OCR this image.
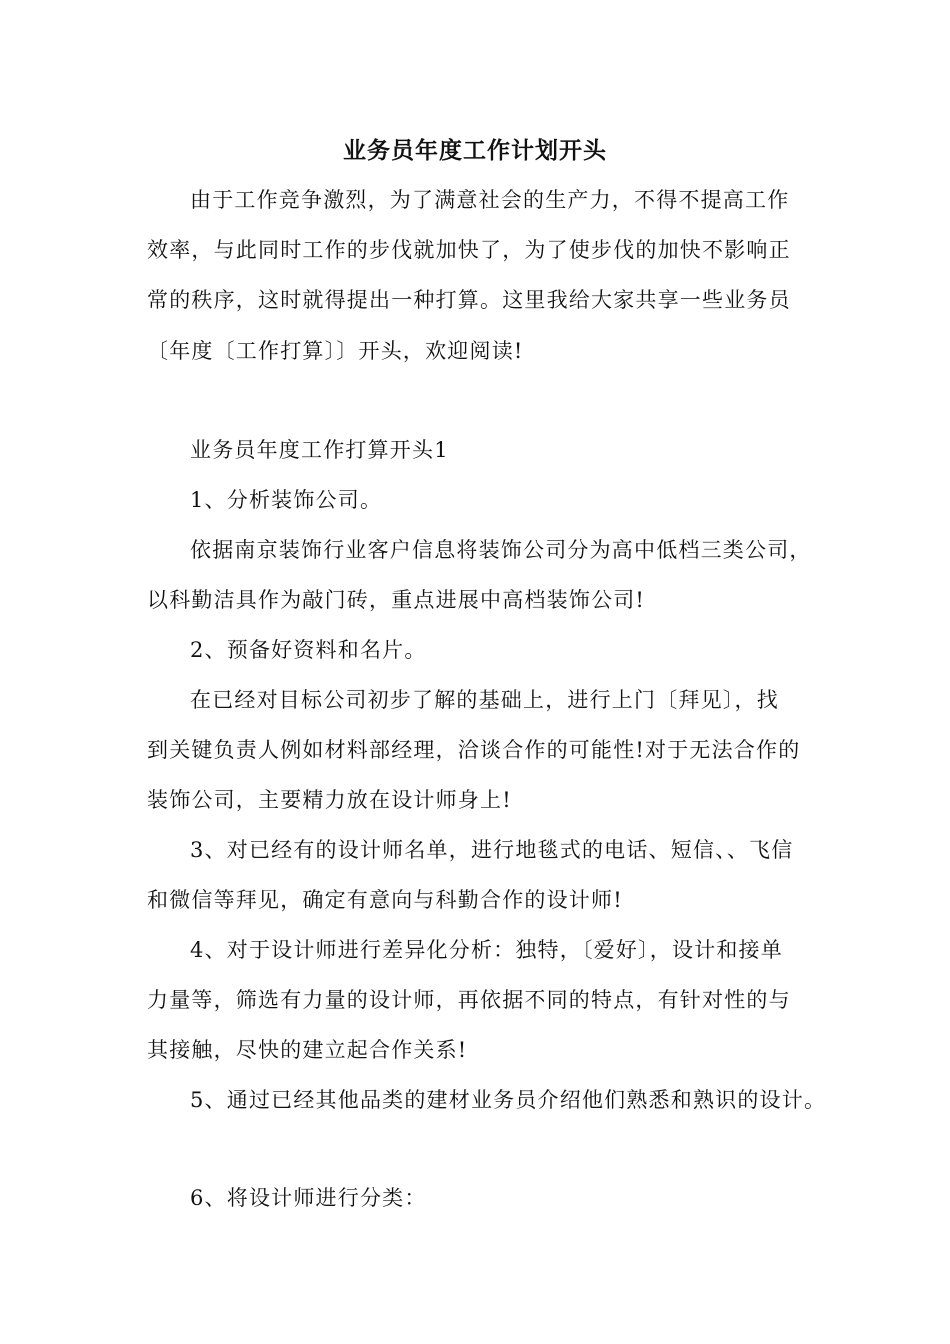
业务员年度工作计划开头
由于工作竞争激烈，为了满意社会的生产力，不得不提高工作
效率，与此同时工作的步伐就加快了，为了使步伐的加快不影响正
常的秩序，这时就得提出一种打算。这里我给大家共享一些业务员
〔年度〔工作打算〕〕开头，欢迎阅读!
业务员年度工作打算开头1
1、分析装饰公司。
依据南京装饰行业客户信息将装饰公司分为高中低档三类公司，
以科勤洁具作为敲门砖，重点进展中高档装饰公司!
2、预备好资料和名片。
在已经对目标公司初步了解的基础上，进行上门〔拜见〕，找
到关键负责人例如材料部经理，洽谈合作的可能性!对于无法合作的
装饰公司，主要精力放在设计师身上!
3、对已经有的设计师名单，进行地毯式的电话、短信、、飞信
和微信等拜见，确定有意向与科勤合作的设计师!
4、对于设计师进行差异化分析：独特，〔爱好〕，设计和接单
力量等，筛选有力量的设计师，再依据不同的特点，有针对性的与
其接触，尽快的建立起合作关系!
5、通过已经其他品类的建材业务员介绍他们熟悉和熟识的设计。
6、将设计师进行分类：
